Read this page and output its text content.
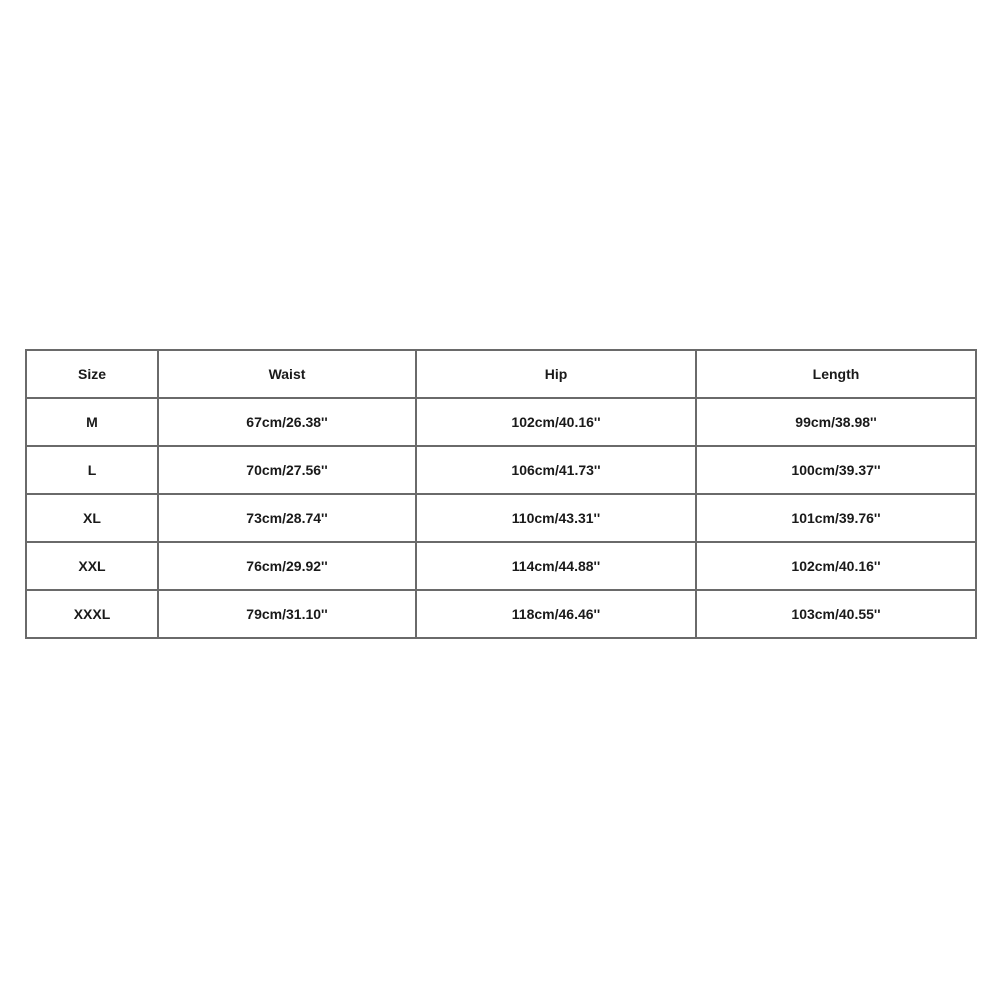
Size	Waist	Hip	Length
M	67cm/26.38''	102cm/40.16''	99cm/38.98''
L	70cm/27.56''	106cm/41.73''	100cm/39.37''
XL	73cm/28.74''	110cm/43.31''	101cm/39.76''
XXL	76cm/29.92''	114cm/44.88''	102cm/40.16''
XXXL	79cm/31.10''	118cm/46.46''	103cm/40.55''
